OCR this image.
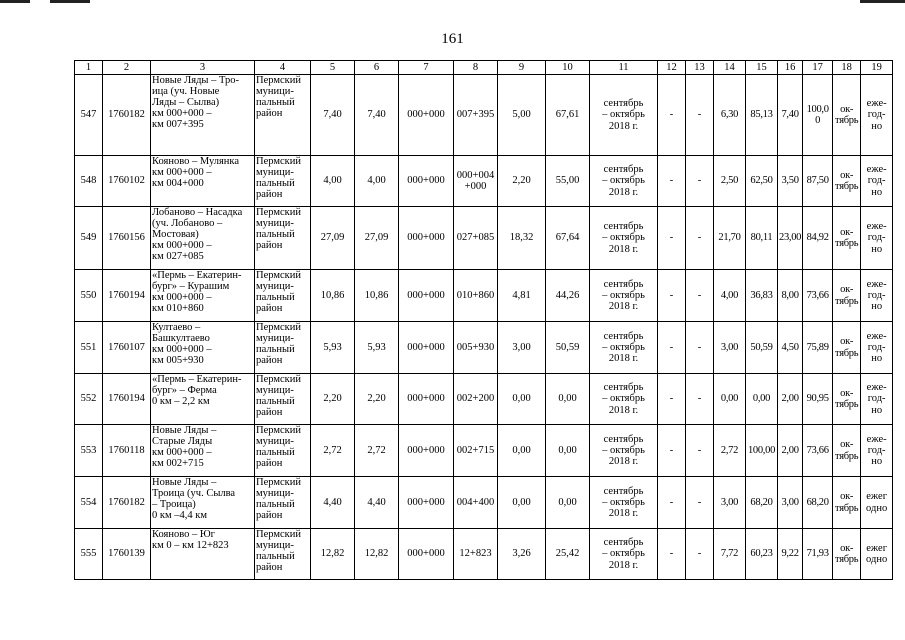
161
1	2	3	4	5	6	7	8	9	10	11	12	13	14	15	16	17	18	19
547	1760182	Новые Ляды – Тро-
ица (уч. Новые
Ляды – Сылва)
км 000+000 –
км 007+395	Пермский
муници-
пальный
район	7,40	7,40	000+000	007+395	5,00	67,61	сентябрь
– октябрь
2018 г.	-	-	6,30	85,13	7,40	100,0
0	ок-
тябрь	еже-
год-
но
548	1760102	Кояново – Мулянка
км 000+000 –
км 004+000	Пермский
муници-
пальный
район	4,00	4,00	000+000	000+004
+000	2,20	55,00	сентябрь
– октябрь
2018 г.	-	-	2,50	62,50	3,50	87,50	ок-
тябрь	еже-
год-
но
549	1760156	Лобаново – Насадка
(уч. Лобаново –
Мостовая)
км 000+000 –
км 027+085	Пермский
муници-
пальный
район	27,09	27,09	000+000	027+085	18,32	67,64	сентябрь
– октябрь
2018 г.	-	-	21,70	80,11	23,00	84,92	ок-
тябрь	еже-
год-
но
550	1760194	«Пермь – Екатерин-
бург» – Курашим
км 000+000 –
км 010+860	Пермский
муници-
пальный
район	10,86	10,86	000+000	010+860	4,81	44,26	сентябрь
– октябрь
2018 г.	-	-	4,00	36,83	8,00	73,66	ок-
тябрь	еже-
год-
но
551	1760107	Култаево –
Башкултаево
км 000+000 –
км 005+930	Пермский
муници-
пальный
район	5,93	5,93	000+000	005+930	3,00	50,59	сентябрь
– октябрь
2018 г.	-	-	3,00	50,59	4,50	75,89	ок-
тябрь	еже-
год-
но
552	1760194	«Пермь – Екатерин-
бург» – Ферма
0 км – 2,2 км	Пермский
муници-
пальный
район	2,20	2,20	000+000	002+200	0,00	0,00	сентябрь
– октябрь
2018 г.	-	-	0,00	0,00	2,00	90,95	ок-
тябрь	еже-
год-
но
553	1760118	Новые Ляды –
Старые Ляды
км 000+000 –
км 002+715	Пермский
муници-
пальный
район	2,72	2,72	000+000	002+715	0,00	0,00	сентябрь
– октябрь
2018 г.	-	-	2,72	100,00	2,00	73,66	ок-
тябрь	еже-
год-
но
554	1760182	Новые Ляды –
Троица (уч. Сылва
– Троица)
0 км –4,4 км	Пермский
муници-
пальный
район	4,40	4,40	000+000	004+400	0,00	0,00	сентябрь
– октябрь
2018 г.	-	-	3,00	68,20	3,00	68,20	ок-
тябрь	ежег
одно
555	1760139	Кояново – Юг
км 0 – км 12+823	Пермский
муници-
пальный
район	12,82	12,82	000+000	12+823	3,26	25,42	сентябрь
– октябрь
2018 г.	-	-	7,72	60,23	9,22	71,93	ок-
тябрь	ежег
одно
